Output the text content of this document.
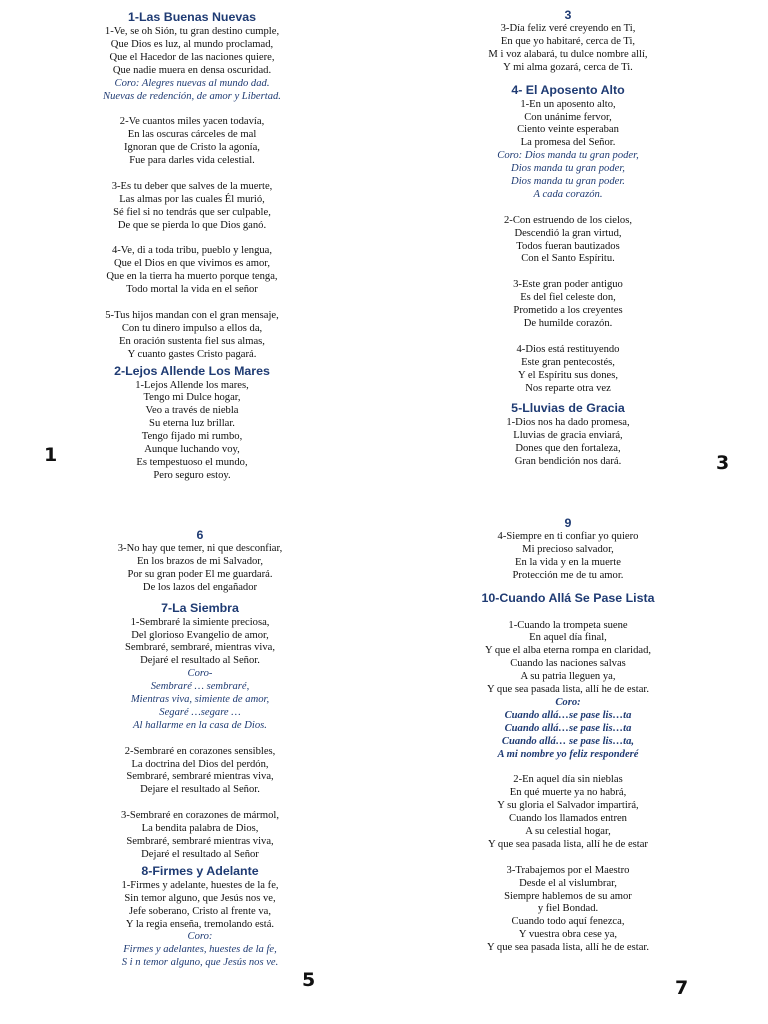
1-Las Buenas Nuevas
1-Ve, se oh Sión, tu gran destino cumple,
Que Dios es luz, al mundo proclamad,
Que el Hacedor de las naciones quiere,
Que nadie muera en densa oscuridad.
Coro: Alegres nuevas al mundo dad.
Nuevas de redención, de amor y Libertad.
2-Ve cuantos miles yacen todavía,
En las oscuras cárceles de mal
Ignoran que de Cristo la agonía,
Fue para darles vida celestial.
3-Es tu deber que salves de la muerte,
Las almas por las cuales Él murió,
Sé fiel si no tendrás que ser culpable,
De que se pierda lo que Dios ganó.
4-Ve, di a toda tribu, pueblo y lengua,
Que el Dios en que vivimos es amor,
Que en la tierra ha muerto porque tenga,
Todo mortal la vida en el señor
5-Tus hijos mandan con el gran mensaje,
Con tu dinero impulso a ellos da,
En oración sustenta fiel sus almas,
Y cuanto gastes Cristo pagará.
2-Lejos Allende Los Mares
1-Lejos Allende los mares,
Tengo mi Dulce hogar,
Veo a través de niebla
Su eterna luz brillar.
Tengo fijado mi rumbo,
Aunque luchando voy,
Es tempestuoso el mundo,
Pero seguro estoy.
3
3-Día feliz veré creyendo en Ti,
En que yo habitaré, cerca de Ti,
M i voz alabará, tu dulce nombre allí,
Y mi alma gozará, cerca de Ti.
4- El Aposento Alto
1-En un aposento alto,
Con unánime fervor,
Ciento veinte esperaban
La promesa del Señor.
Coro: Dios manda tu gran poder,
Dios manda tu gran poder,
Dios manda tu gran poder.
A cada corazón.
2-Con estruendo de los cielos,
Descendió la gran virtud,
Todos fueran bautizados
Con el Santo Espíritu.
3-Este gran poder antiguo
Es del fiel celeste don,
Prometido a los creyentes
De humilde corazón.
4-Dios está restituyendo
Este gran pentecostés,
Y el Espíritu sus dones,
Nos reparte otra vez
5-Lluvias de Gracia
1-Dios nos ha dado promesa,
Lluvias de gracia enviará,
Dones que den fortaleza,
Gran bendición nos dará.
6
3-No hay que temer, ni que desconfiar,
En los brazos de mi Salvador,
Por su gran poder El me guardará.
De los lazos del engañador
7-La Siembra
1-Sembraré la simiente preciosa,
Del glorioso Evangelio de amor,
Sembraré, sembraré, mientras viva,
Dejaré el resultado al Señor.
Coro-
Sembraré … sembraré,
Mientras viva, simiente de amor,
Segaré …segare …
Al hallarme en la casa de Dios.
2-Sembraré en corazones sensibles,
La doctrina del Dios del perdón,
Sembraré, sembraré mientras viva,
Dejare el resultado al Señor.
3-Sembraré en corazones de mármol,
La bendita palabra de Dios,
Sembraré, sembraré mientras viva,
Dejaré el resultado al Señor
8-Firmes y Adelante
1-Firmes y adelante, huestes de la fe,
Sin temor alguno, que Jesús nos ve,
Jefe soberano, Cristo al frente va,
Y la regia enseña, tremolando está.
Coro:
Firmes y adelantes, huestes de la fe,
S i n temor alguno, que Jesús nos ve.
9
4-Siempre en ti confiar yo quiero
Mi precioso salvador,
En la vida y en la muerte
Protección me de tu amor.
10-Cuando Allá Se Pase Lista
1-Cuando la trompeta suene
En aquel día final,
Y que el alba eterna rompa en claridad,
Cuando las naciones salvas
A su patria lleguen ya,
Y que sea pasada lista, allí he de estar.
Coro:
Cuando allá…se pase lis…ta
Cuando allá…se pase lis…ta
Cuando allá… se pase lis…ta,
A mi nombre yo feliz responderé
2-En aquel día sin nieblas
En qué muerte ya no habrá,
Y su gloria el Salvador impartirá,
Cuando los llamados entren
A su celestial hogar,
Y que sea pasada lista, allí he de estar
3-Trabajemos por el Maestro
Desde el al vislumbrar,
Siempre hablemos de su amor
y fiel Bondad.
Cuando todo aquí fenezca,
Y vuestra obra cese ya,
Y que sea pasada lista, allí he de estar.
1	3
5	7
